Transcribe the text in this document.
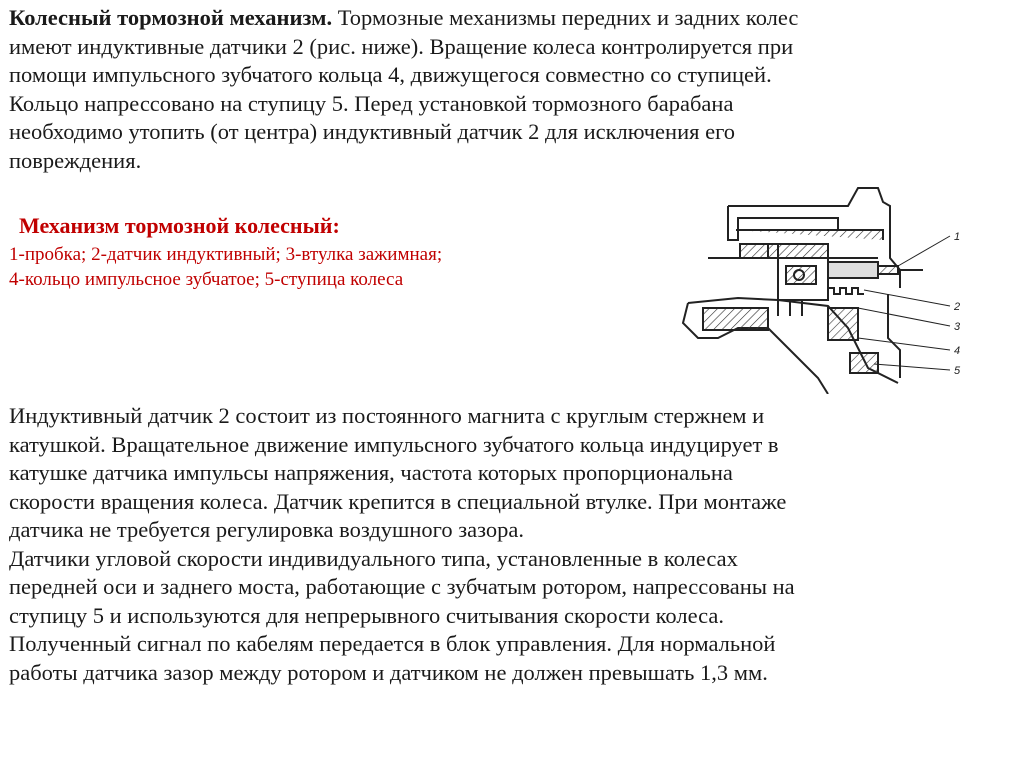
Колесный тормозной механизм. Тормозные механизмы передних и задних колес
имеют индуктивные датчики 2 (рис. ниже). Вращение колеса контролируется при
помощи импульсного зубчатого кольца 4, движущегося совместно со ступицей.
Кольцо напрессовано на ступицу 5. Перед установкой тормозного барабана
необходимо утопить (от центра) индуктивный датчик 2 для исключения его
повреждения.

Механизм тормозной колесный:
1-пробка; 2-датчик индуктивный; 3-втулка зажимная;
4-кольцо импульсное зубчатое; 5-ступица колеса

1
2
3
4
5

Индуктивный датчик 2 состоит из постоянного магнита с круглым стержнем и
катушкой. Вращательное движение импульсного зубчатого кольца индуцирует в
катушке датчика импульсы напряжения, частота которых пропорциональна
скорости вращения колеса. Датчик крепится в специальной втулке. При монтаже
датчика не требуется регулировка воздушного зазора.
Датчики угловой скорости индивидуального типа, установленные в колесах
передней оси и заднего моста, работающие с зубчатым ротором, напрессованы на
ступицу 5 и используются для непрерывного считывания скорости колеса.
Полученный сигнал по кабелям передается в блок управления. Для нормальной
работы датчика зазор между ротором и датчиком не должен превышать 1,3 мм.
